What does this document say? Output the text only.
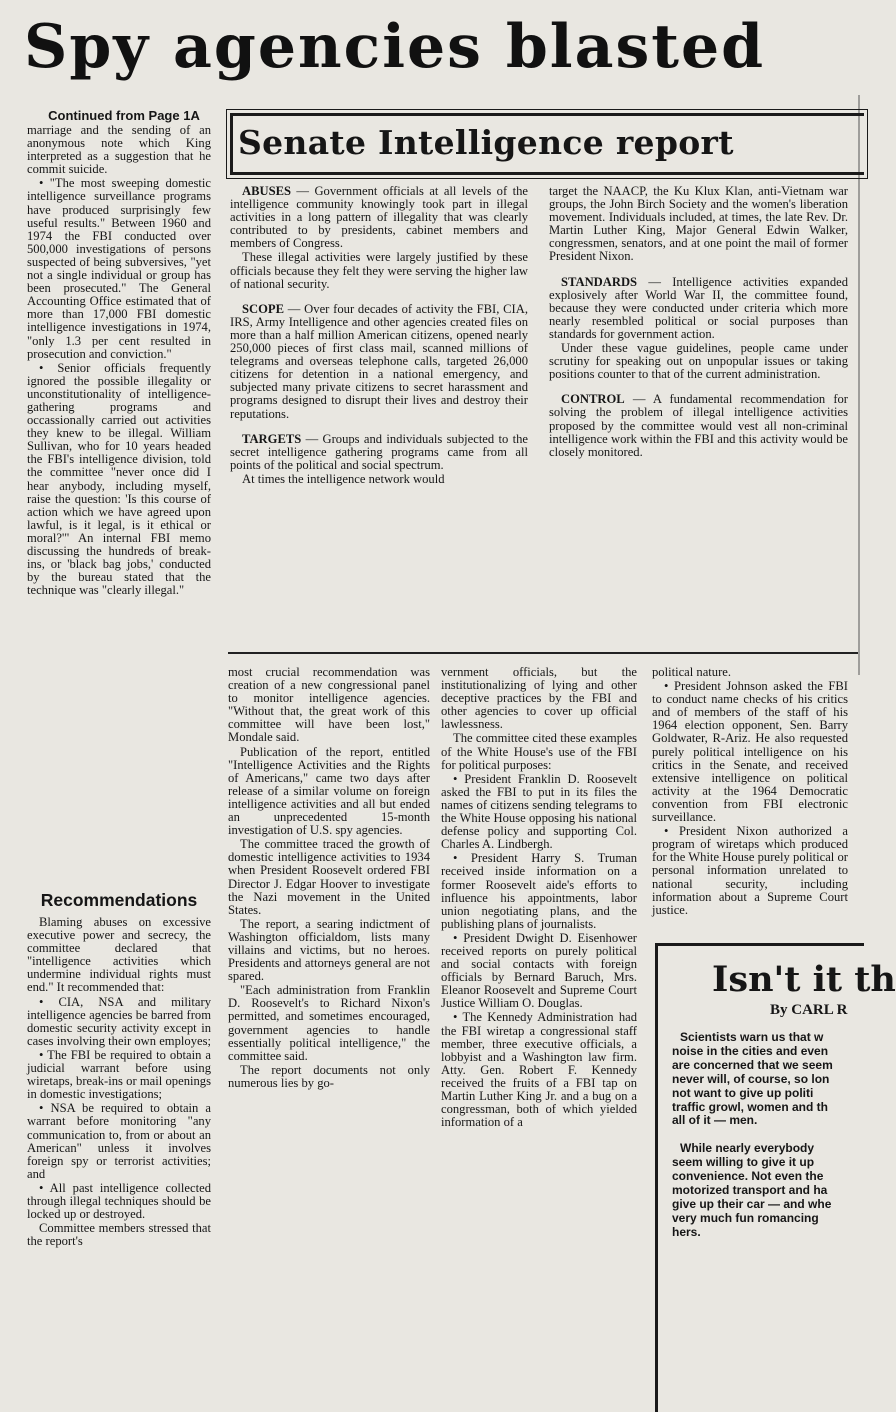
Spy agencies blasted
Continued from Page 1A

marriage and the sending of an anonymous note which King interpreted as a suggestion that he commit suicide.

• "The most sweeping domestic intelligence surveillance programs have produced surprisingly few useful results." Between 1960 and 1974 the FBI conducted over 500,000 investigations of persons suspected of being subversives, "yet not a single individual or group has been prosecuted." The General Accounting Office estimated that of more than 17,000 FBI domestic intelligence investigations in 1974, "only 1.3 per cent resulted in prosecution and conviction."

• Senior officials frequently ignored the possible illegality or unconstitutionality of intelligence-gathering programs and occassionally carried out activities they knew to be illegal. William Sullivan, who for 10 years headed the FBI's intelligence division, told the committee "never once did I hear anybody, including myself, raise the question: 'Is this course of action which we have agreed upon lawful, is it legal, is it ethical or moral?'" An internal FBI memo discussing the hundreds of break-ins, or 'black bag jobs,' conducted by the bureau stated that the technique was "clearly illegal."

Recommendations

Blaming abuses on excessive executive power and secrecy, the committee declared that "intelligence activities which undermine individual rights must end." It recommended that:

• CIA, NSA and military intelligence agencies be barred from domestic security activity except in cases involving their own employes;

• The FBI be required to obtain a judicial warrant before using wiretaps, break-ins or mail openings in domestic investigations;

• NSA be required to obtain a warrant before monitoring "any communication to, from or about an American" unless it involves foreign spy or terrorist activities; and

• All past intelligence collected through illegal techniques should be locked up or destroyed.

Committee members stressed that the report's

Senate Intelligence report

ABUSES — Government officials at all levels of the intelligence community knowingly took part in illegal activities in a long pattern of illegality that was clearly contributed to by presidents, cabinet members and members of Congress.

These illegal activities were largely justified by these officials because they felt they were serving the higher law of national security.

SCOPE — Over four decades of activity the FBI, CIA, IRS, Army Intelligence and other agencies created files on more than a half million American citizens, opened nearly 250,000 pieces of first class mail, scanned millions of telegrams and overseas telephone calls, targeted 26,000 citizens for detention in a national emergency, and subjected many private citizens to secret harassment and programs designed to disrupt their lives and destroy their reputations.

TARGETS — Groups and individuals subjected to the secret intelligence gathering programs came from all points of the political and social spectrum.

At times the intelligence network would

target the NAACP, the Ku Klux Klan, anti-Vietnam war groups, the John Birch Society and the women's liberation movement. Individuals included, at times, the late Rev. Dr. Martin Luther King, Major General Edwin Walker, congressmen, senators, and at one point the mail of former President Nixon.

STANDARDS — Intelligence activities expanded explosively after World War II, the committee found, because they were conducted under criteria which more nearly resembled political or social purposes than standards for government action.

Under these vague guidelines, people came under scrutiny for speaking out on unpopular issues or taking positions counter to that of the current administration.

CONTROL — A fundamental recommendation for solving the problem of illegal intelligence activities proposed by the committee would vest all non-criminal intelligence work within the FBI and this activity would be closely monitored.

most crucial recommendation was creation of a new congressional panel to monitor intelligence agencies. "Without that, the great work of this committee will have been lost," Mondale said.

Publication of the report, entitled "Intelligence Activities and the Rights of Americans," came two days after release of a similar volume on foreign intelligence activities and all but ended an unprecedented 15-month investigation of U.S. spy agencies.

The committee traced the growth of domestic intelligence activities to 1934 when President Roosevelt ordered FBI Director J. Edgar Hoover to investigate the Nazi movement in the United States.

The report, a searing indictment of Washington officialdom, lists many villains and victims, but no heroes. Presidents and attorneys general are not spared.

"Each administration from Franklin D. Roosevelt's to Richard Nixon's permitted, and sometimes encouraged, government agencies to handle essentially political intelligence," the committee said.

The report documents not only numerous lies by go-

vernment officials, but the institutionalizing of lying and other deceptive practices by the FBI and other agencies to cover up official lawlessness.

The committee cited these examples of the White House's use of the FBI for political purposes:

• President Franklin D. Roosevelt asked the FBI to put in its files the names of citizens sending telegrams to the White House opposing his national defense policy and supporting Col. Charles A. Lindbergh.

• President Harry S. Truman received inside information on a former Roosevelt aide's efforts to influence his appointments, labor union negotiating plans, and the publishing plans of journalists.

• President Dwight D. Eisenhower received reports on purely political and social contacts with foreign officials by Bernard Baruch, Mrs. Eleanor Roosevelt and Supreme Court Justice William O. Douglas.

• The Kennedy Administration had the FBI wiretap a congressional staff member, three executive officials, a lobbyist and a Washington law firm. Atty. Gen. Robert F. Kennedy received the fruits of a FBI tap on Martin Luther King Jr. and a bug on a congressman, both of which yielded information of a

political nature.

• President Johnson asked the FBI to conduct name checks of his critics and of members of the staff of his 1964 election opponent, Sen. Barry Goldwater, R-Ariz. He also requested purely political intelligence on his critics in the Senate, and received extensive intelligence on political activity at the 1964 Democratic convention from FBI electronic surveillance.

• President Nixon authorized a program of wiretaps which produced for the White House purely political or personal information unrelated to national security, including information about a Supreme Court justice.

Isn't it th
By CARL R
Scientists warn us that w
noise in the cities and even
are concerned that we seem
never will, of course, so lon
not want to give up politi
traffic growl, women and th
all of it — men.
While nearly everybody
seem willing to give it up
convenience. Not even the
motorized transport and ha
give up their car — and whe
very much fun romancing
hers.
